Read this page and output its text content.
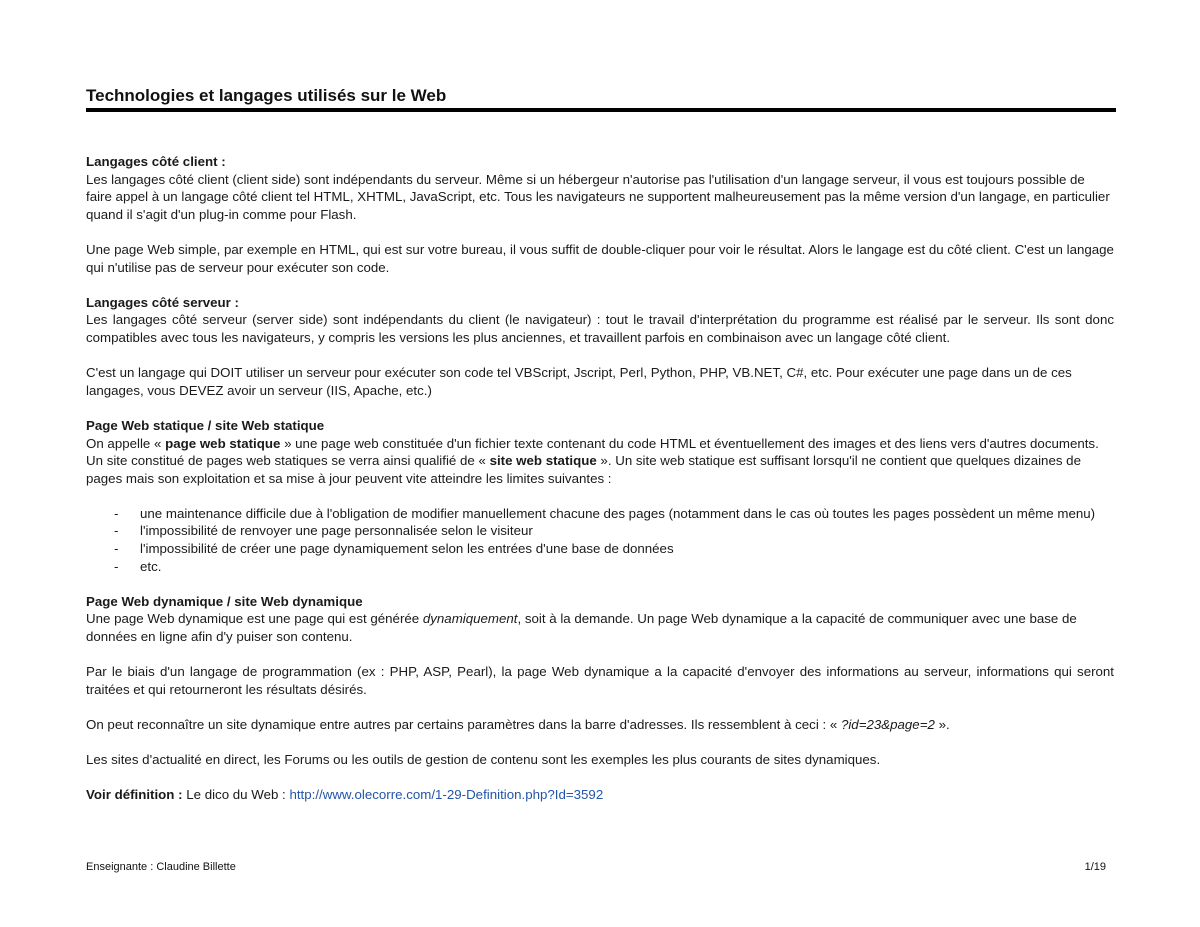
Technologies et langages utilisés sur le Web

Langages côté client :
Les langages côté client (client side) sont indépendants du serveur. Même si un hébergeur n'autorise pas l'utilisation d'un langage serveur, il vous est toujours possible de faire appel à un langage côté client tel HTML, XHTML, JavaScript, etc. Tous les navigateurs ne supportent malheureusement pas la même version d'un langage, en particulier quand il s'agit d'un plug-in comme pour Flash.

Une page Web simple, par exemple en HTML, qui est sur votre bureau, il vous suffit de double-cliquer pour voir le résultat. Alors le langage est du côté client. C'est un langage qui n'utilise pas de serveur pour exécuter son code.

Langages côté serveur :
Les langages côté serveur (server side) sont indépendants du client (le navigateur) : tout le travail d'interprétation du programme est réalisé par le serveur. Ils sont donc compatibles avec tous les navigateurs, y compris les versions les plus anciennes, et travaillent parfois en combinaison avec un langage côté client.

C'est un langage qui DOIT utiliser un serveur pour exécuter son code tel VBScript, Jscript, Perl, Python, PHP, VB.NET, C#, etc. Pour exécuter une page dans un de ces langages, vous DEVEZ avoir un serveur (IIS, Apache, etc.)

Page Web statique / site Web statique
On appelle « page web statique » une page web constituée d'un fichier texte contenant du code HTML et éventuellement des images et des liens vers d'autres documents. Un site constitué de pages web statiques se verra ainsi qualifié de « site web statique ». Un site web statique est suffisant lorsqu'il ne contient que quelques dizaines de pages mais son exploitation et sa mise à jour peuvent vite atteindre les limites suivantes :

- une maintenance difficile due à l'obligation de modifier manuellement chacune des pages (notamment dans le cas où toutes les pages possèdent un même menu)
- l'impossibilité de renvoyer une page personnalisée selon le visiteur
- l'impossibilité de créer une page dynamiquement selon les entrées d'une base de données
- etc.

Page Web dynamique / site Web dynamique
Une page Web dynamique est une page qui est générée dynamiquement, soit à la demande. Un page Web dynamique a la capacité de communiquer avec une base de données en ligne afin d'y puiser son contenu.

Par le biais d'un langage de programmation (ex : PHP, ASP, Pearl), la page Web dynamique a la capacité d'envoyer des informations au serveur, informations qui seront traitées et qui retourneront les résultats désirés.

On peut reconnaître un site dynamique entre autres par certains paramètres dans la barre d'adresses. Ils ressemblent à ceci : « ?id=23&page=2 ».

Les sites d'actualité en direct, les Forums ou les outils de gestion de contenu sont les exemples les plus courants de sites dynamiques.

Voir définition : Le dico du Web : http://www.olecorre.com/1-29-Definition.php?Id=3592

Enseignante : Claudine Billette	1/19
